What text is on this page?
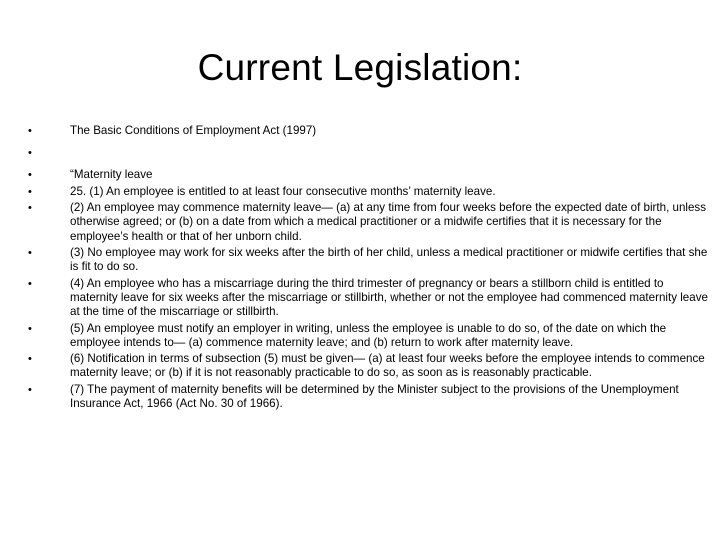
Current Legislation:
•	The Basic Conditions of Employment Act (1997)
•
•	“Maternity leave
•	25. (1) An employee is entitled to at least four consecutive months’ maternity leave.
•	(2) An employee may commence maternity leave— (a) at any time from four weeks before the expected date of birth, unless otherwise agreed; or (b) on a date from which a medical practitioner or a midwife certifies that it is necessary for the employee’s health or that of her unborn child.
•	(3) No employee may work for six weeks after the birth of her child, unless a medical practitioner or midwife certifies that she is fit to do so.
•	(4) An employee who has a miscarriage during the third trimester of pregnancy or bears a stillborn child is entitled to maternity leave for six weeks after the miscarriage or stillbirth, whether or not the employee had commenced maternity leave at the time of the miscarriage or stillbirth.
•	(5) An employee must notify an employer in writing, unless the employee is unable to do so, of the date on which the employee intends to— (a) commence maternity leave; and (b) return to work after maternity leave.
•	(6) Notification in terms of subsection (5) must be given— (a) at least four weeks before the employee intends to commence maternity leave; or (b) if it is not reasonably practicable to do so, as soon as is reasonably practicable.
•	(7) The payment of maternity benefits will be determined by the Minister subject to the provisions of the Unemployment Insurance Act, 1966 (Act No. 30 of 1966).
